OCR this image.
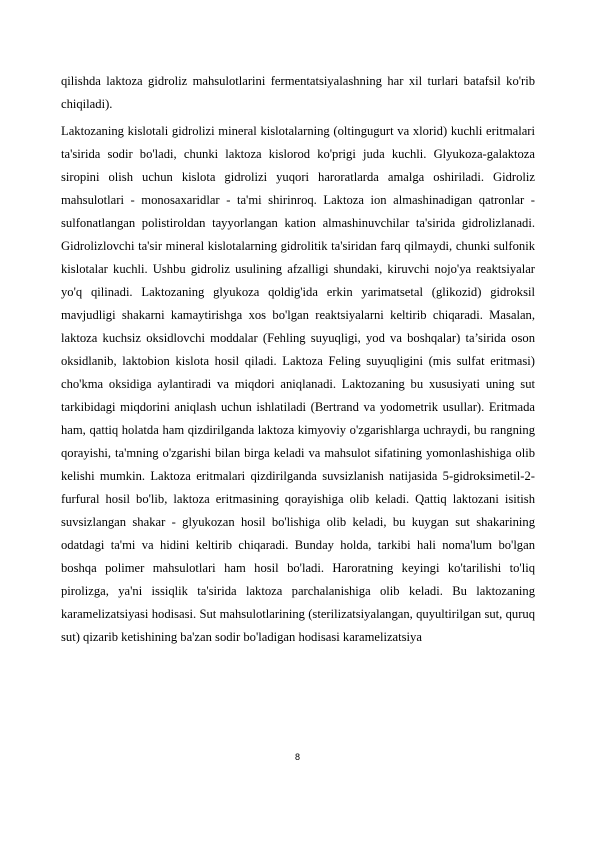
qilishda laktoza gidroliz mahsulotlarini fermentatsiyalashning har xil turlari batafsil ko'rib chiqiladi).

Laktozaning kislotali gidrolizi mineral kislotalarning (oltingugurt va xlorid) kuchli eritmalari ta'sirida sodir bo'ladi, chunki laktoza kislorod ko'prigi juda kuchli. Glyukoza-galaktoza siropini olish uchun kislota gidrolizi yuqori haroratlarda amalga oshiriladi. Gidroliz mahsulotlari - monosaxaridlar - ta'mi shirinroq. Laktoza ion almashinadigan qatronlar - sulfonatlangan polistiroldan tayyorlangan kation almashinuvchilar ta'sirida gidrolizlanadi. Gidrolizlovchi ta'sir mineral kislotalarning gidrolitik ta'siridan farq qilmaydi, chunki sulfonik kislotalar kuchli. Ushbu gidroliz usulining afzalligi shundaki, kiruvchi nojo'ya reaktsiyalar yo'q qilinadi. Laktozaning glyukoza qoldig'ida erkin yarimatsetal (glikozid) gidroksil mavjudligi shakarni kamaytirishga xos bo'lgan reaktsiyalarni keltirib chiqaradi. Masalan, laktoza kuchsiz oksidlovchi moddalar (Fehling suyuqligi, yod va boshqalar) ta’sirida oson oksidlanib, laktobion kislota hosil qiladi. Laktoza Feling suyuqligini (mis sulfat eritmasi) cho'kma oksidiga aylantiradi va miqdori aniqlanadi. Laktozaning bu xususiyati uning sut tarkibidagi miqdorini aniqlash uchun ishlatiladi (Bertrand va yodometrik usullar). Eritmada ham, qattiq holatda ham qizdirilganda laktoza kimyoviy o'zgarishlarga uchraydi, bu rangning qorayishi, ta'mning o'zgarishi bilan birga keladi va mahsulot sifatining yomonlashishiga olib kelishi mumkin. Laktoza eritmalari qizdirilganda suvsizlanish natijasida 5-gidroksimetil-2-furfural hosil bo'lib, laktoza eritmasining qorayishiga olib keladi. Qattiq laktozani isitish suvsizlangan shakar - glyukozan hosil bo'lishiga olib keladi, bu kuygan sut shakarining odatdagi ta'mi va hidini keltirib chiqaradi. Bunday holda, tarkibi hali noma'lum bo'lgan boshqa polimer mahsulotlari ham hosil bo'ladi. Haroratning keyingi ko'tarilishi to'liq pirolizga, ya'ni issiqlik ta'sirida laktoza parchalanishiga olib keladi. Bu laktozaning karamelizatsiyasi hodisasi. Sut mahsulotlarining (sterilizatsiyalangan, quyultirilgan sut, quruq sut) qizarib ketishining ba'zan sodir bo'ladigan hodisasi karamelizatsiya

8
